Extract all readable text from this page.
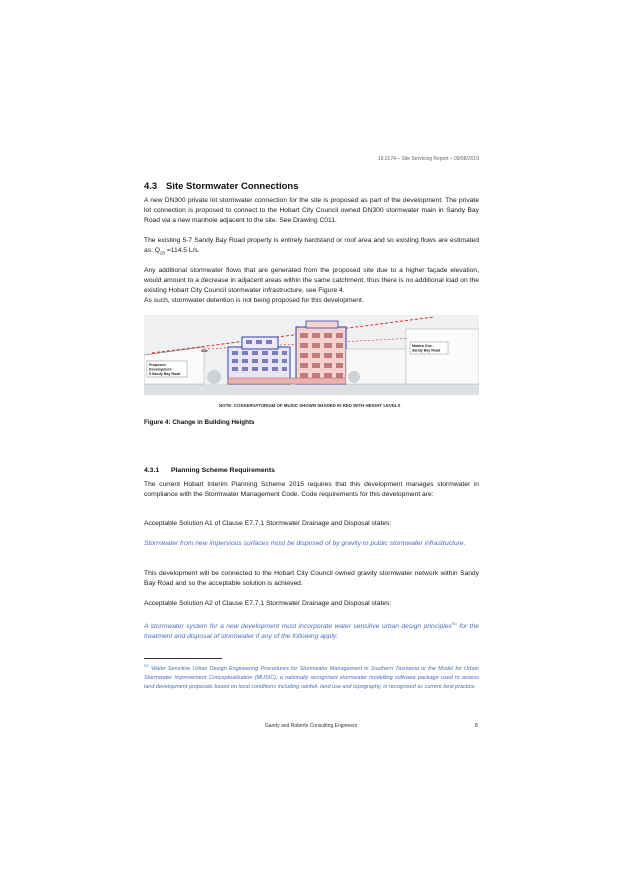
19.0174 – Site Servicing Report – 09/08/2019
4.3 Site Stormwater Connections
A new DN300 private lot stormwater connection for the site is proposed as part of the development. The private lot connection is proposed to connect to the Hobart City Council owned DN300 stormwater main in Sandy Bay Road via a new manhole adjacent to the site. See Drawing C011.
The existing 5-7 Sandy Bay Road property is entirely hardstand or roof area and so existing flows are estimated as: $Q_{20} =114.5$ L/s.
Any additional stormwater flows that are generated from the proposed site due to a higher façade elevation, would amount to a decrease in adjacent areas within the same catchment, thus there is no additional load on the existing Hobart City Council stormwater infrastructure, see Figure 4.
As such, stormwater detention is not being proposed for this development.
Site
Proposed
Development -
5 Sandy Bay Road
Mantra One -
Sandy Bay Road
NOTE: CONSERVATORIUM OF MUSIC SHOWN SHADED IN RED WITH HEIGHT LEVELS
Figure 4: Change in Building Heights
4.3.1 Planning Scheme Requirements
The current Hobart Interim Planning Scheme 2015 requires that this development manages stormwater in compliance with the Stormwater Management Code. Code requirements for this development are:
Acceptable Solution A1 of Clause E7.7.1 Stormwater Drainage and Disposal states:
Stormwater from new impervious surfaces must be disposed of by gravity to public stormwater infrastructure.
This development will be connected to the Hobart City Council owned gravity stormwater network within Sandy Bay Road and so the acceptable solution is achieved.
Acceptable Solution A2 of Clause E7.7.1 Stormwater Drainage and Disposal states:
A stormwater system for a new development must incorporate water sensitive urban design principles$^{R1}$ for the treatment and disposal of stormwater if any of the following apply:
$^{R1}$ Water Sensitive Urban Design Engineering Procedures for Stormwater Management in Southern Tasmania or the Model for Urban Stormwater Improvement Conceptualisation (MUSIC), a nationally recognised stormwater modelling software package used to assess land development proposals based on local conditions including rainfall, land use and topography, is recognised as current best practice.
Gandy and Roberts Consulting Engineers	8
